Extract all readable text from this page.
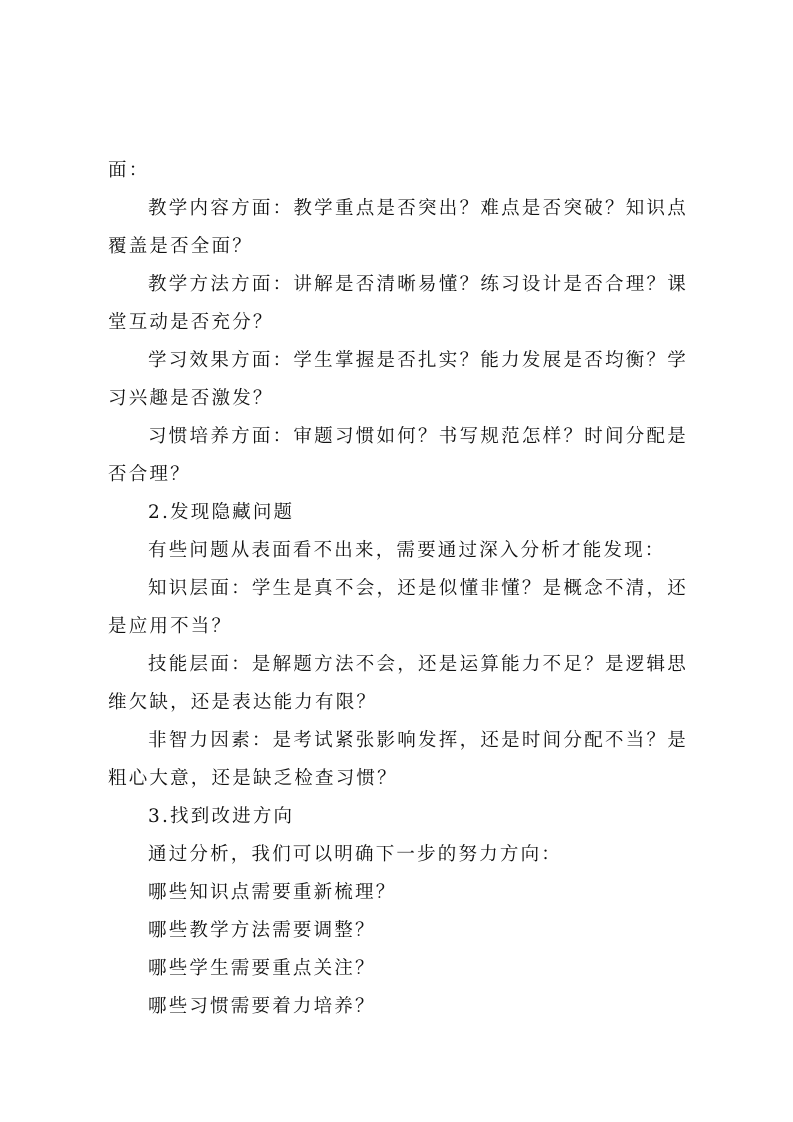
面：

教学内容方面：教学重点是否突出？难点是否突破？知识点覆盖是否全面？

教学方法方面：讲解是否清晰易懂？练习设计是否合理？课堂互动是否充分？

学习效果方面：学生掌握是否扎实？能力发展是否均衡？学习兴趣是否激发？

习惯培养方面：审题习惯如何？书写规范怎样？时间分配是否合理？

2.发现隐藏问题

有些问题从表面看不出来，需要通过深入分析才能发现：

知识层面：学生是真不会，还是似懂非懂？是概念不清，还是应用不当？

技能层面：是解题方法不会，还是运算能力不足？是逻辑思维欠缺，还是表达能力有限？

非智力因素：是考试紧张影响发挥，还是时间分配不当？是粗心大意，还是缺乏检查习惯？

3.找到改进方向

通过分析，我们可以明确下一步的努力方向：

哪些知识点需要重新梳理？

哪些教学方法需要调整？

哪些学生需要重点关注？

哪些习惯需要着力培养？
